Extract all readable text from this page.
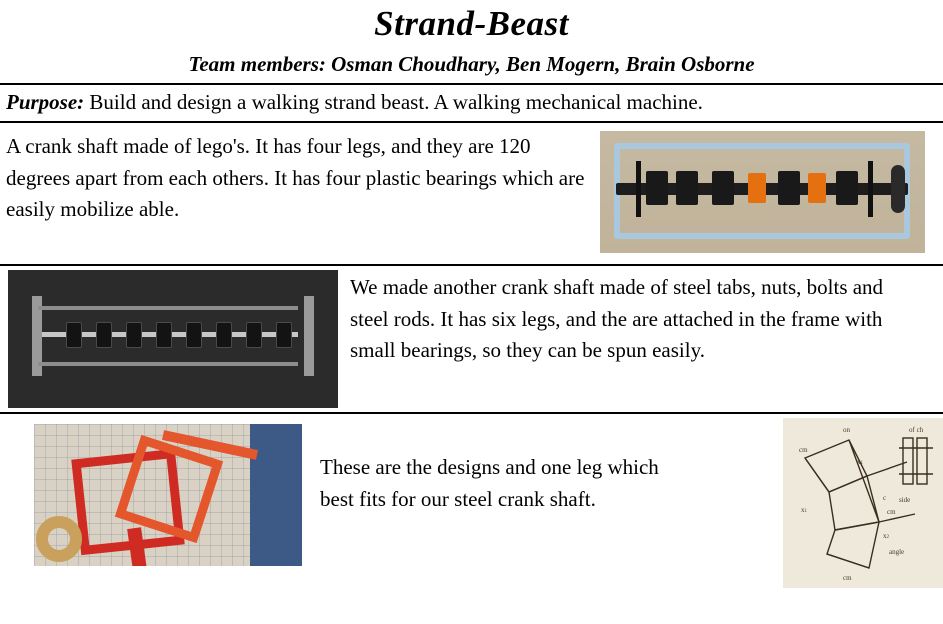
Strand-Beast
Team members: Osman Choudhary, Ben Mogern, Brain Osborne
Purpose: Build and design a walking strand beast. A walking mechanical machine.
A crank shaft made of lego's. It has four legs, and they are 120 degrees apart from each others. It has four plastic bearings which are easily mobilize able.
We made another crank shaft made of steel tabs, nuts, bolts and steel rods. It has six legs, and the are attached in the frame with small bearings, so they can be spun easily.
These are the designs and one leg which best fits for our steel crank shaft.
on
cm
x1
c side
cm
x1
x2
angle
cm
of ch
